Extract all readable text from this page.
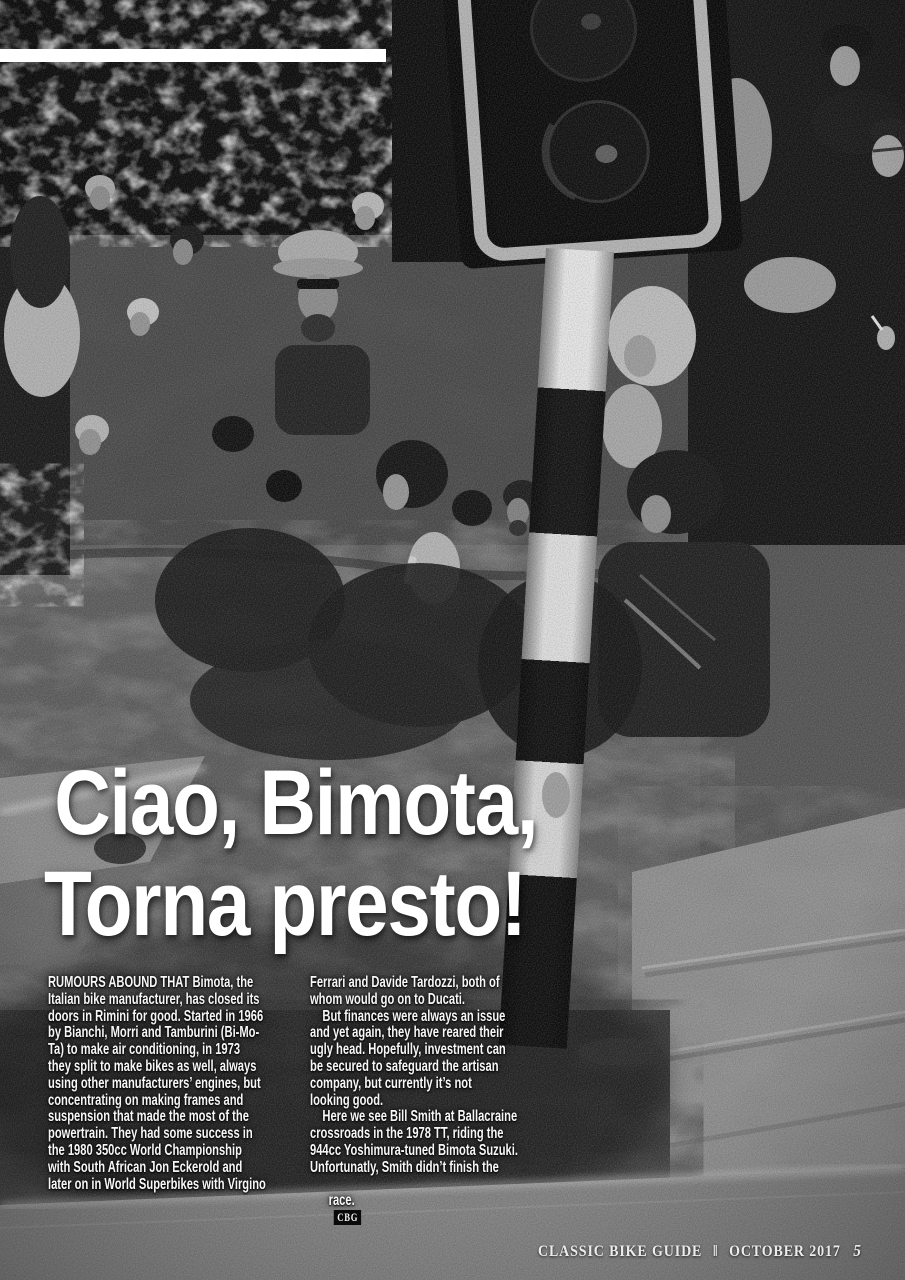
Ciao, Bimota,
Torna presto!
RUMOURS ABOUND THAT Bimota, the
Italian bike manufacturer, has closed its
doors in Rimini for good. Started in 1966
by Bianchi, Morri and Tamburini (Bi-Mo-
Ta) to make air conditioning, in 1973
they split to make bikes as well, always
using other manufacturers’ engines, but
concentrating on making frames and
suspension that made the most of the
powertrain. They had some success in
the 1980 350cc World Championship
with South African Jon Eckerold and
later on in World Superbikes with Virgino
Ferrari and Davide Tardozzi, both of
whom would go on to Ducati.
But finances were always an issue
and yet again, they have reared their
ugly head. Hopefully, investment can
be secured to safeguard the artisan
company, but currently it’s not
looking good.
Here we see Bill Smith at Ballacraine
crossroads in the 1978 TT, riding the
944cc Yoshimura-tuned Bimota Suzuki.
Unfortunatly, Smith didn’t finish the

race.
CBG

CLASSIC BIKE GUIDE ‖ OCTOBER 2017 5
